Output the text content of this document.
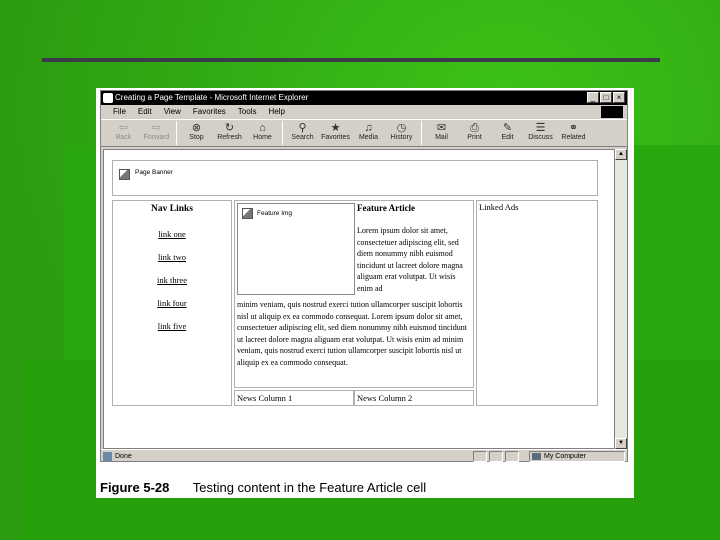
Creating a Page Template - Microsoft Internet Explorer	_	□	×
File Edit View Favorites Tools Help
⇦
Back
⇨
Forward
⊗
Stop
↻
Refresh
⌂
Home
⚲
Search
★
Favorites
♫
Media
◷
History
✉
Mail
⎙
Print
✎
Edit
☰
Discuss
⚭
Related
Page Banner
Nav Links
link one
link two
ink three
link four
link five
Feature Img
Feature Article
Lorem ipsum dolor sit amet, consectetuer adipiscing elit, sed diem nonummy nibh euismod tincidunt ut lacreet dolore magna aliguam erat volutpat. Ut wisis enim ad
minim veniam, quis nostrud exerci tution ullamcorper suscipit lobortis nisl ut aliquip ex ea commodo consequat. Lorem ipsum dolor sit amet, consectetuer adipiscing elit, sed diem nonummy nibh euismod tincidunt ut lacreet dolore magna aliguam erat volutpat. Ut wisis enim ad minim veniam, quis nostrud exerci tution ullamcorper suscipit lobortis nisl ut aliquip ex ea commodo consequat.
News Column 1	News Column 2
Linked Ads
▲
▼
Done	My Computer
Figure 5-28 Testing content in the Feature Article cell
